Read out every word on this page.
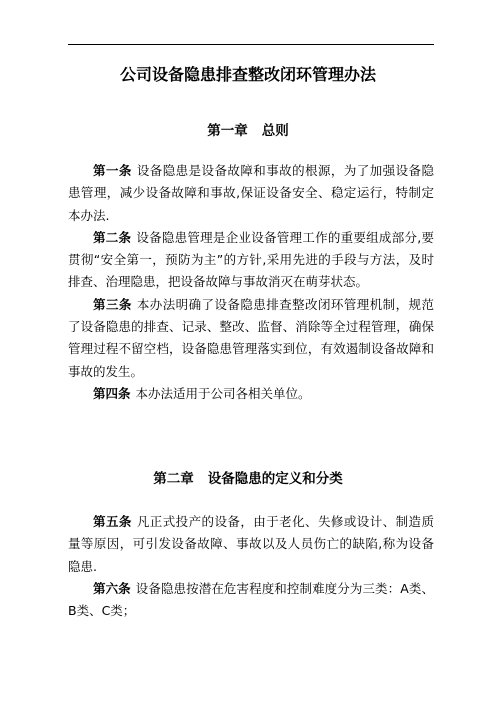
公司设备隐患排查整改闭环管理办法
第一章 总则

第一条 设备隐患是设备故障和事故的根源，为了加强设备隐患管理，减少设备故障和事故,保证设备安全、稳定运行，特制定本办法.

第二条 设备隐患管理是企业设备管理工作的重要组成部分,要贯彻“安全第一，预防为主”的方针,采用先进的手段与方法，及时排查、治理隐患，把设备故障与事故消灭在萌芽状态。

第三条 本办法明确了设备隐患排查整改闭环管理机制，规范了设备隐患的排查、记录、整改、监督、消除等全过程管理，确保管理过程不留空档，设备隐患管理落实到位，有效遏制设备故障和事故的发生。

第四条 本办法适用于公司各相关单位。

第二章 设备隐患的定义和分类

第五条 凡正式投产的设备，由于老化、失修或设计、制造质量等原因，可引发设备故障、事故以及人员伤亡的缺陷,称为设备隐患.

第六条 设备隐患按潜在危害程度和控制难度分为三类：A类、B类、C类；
